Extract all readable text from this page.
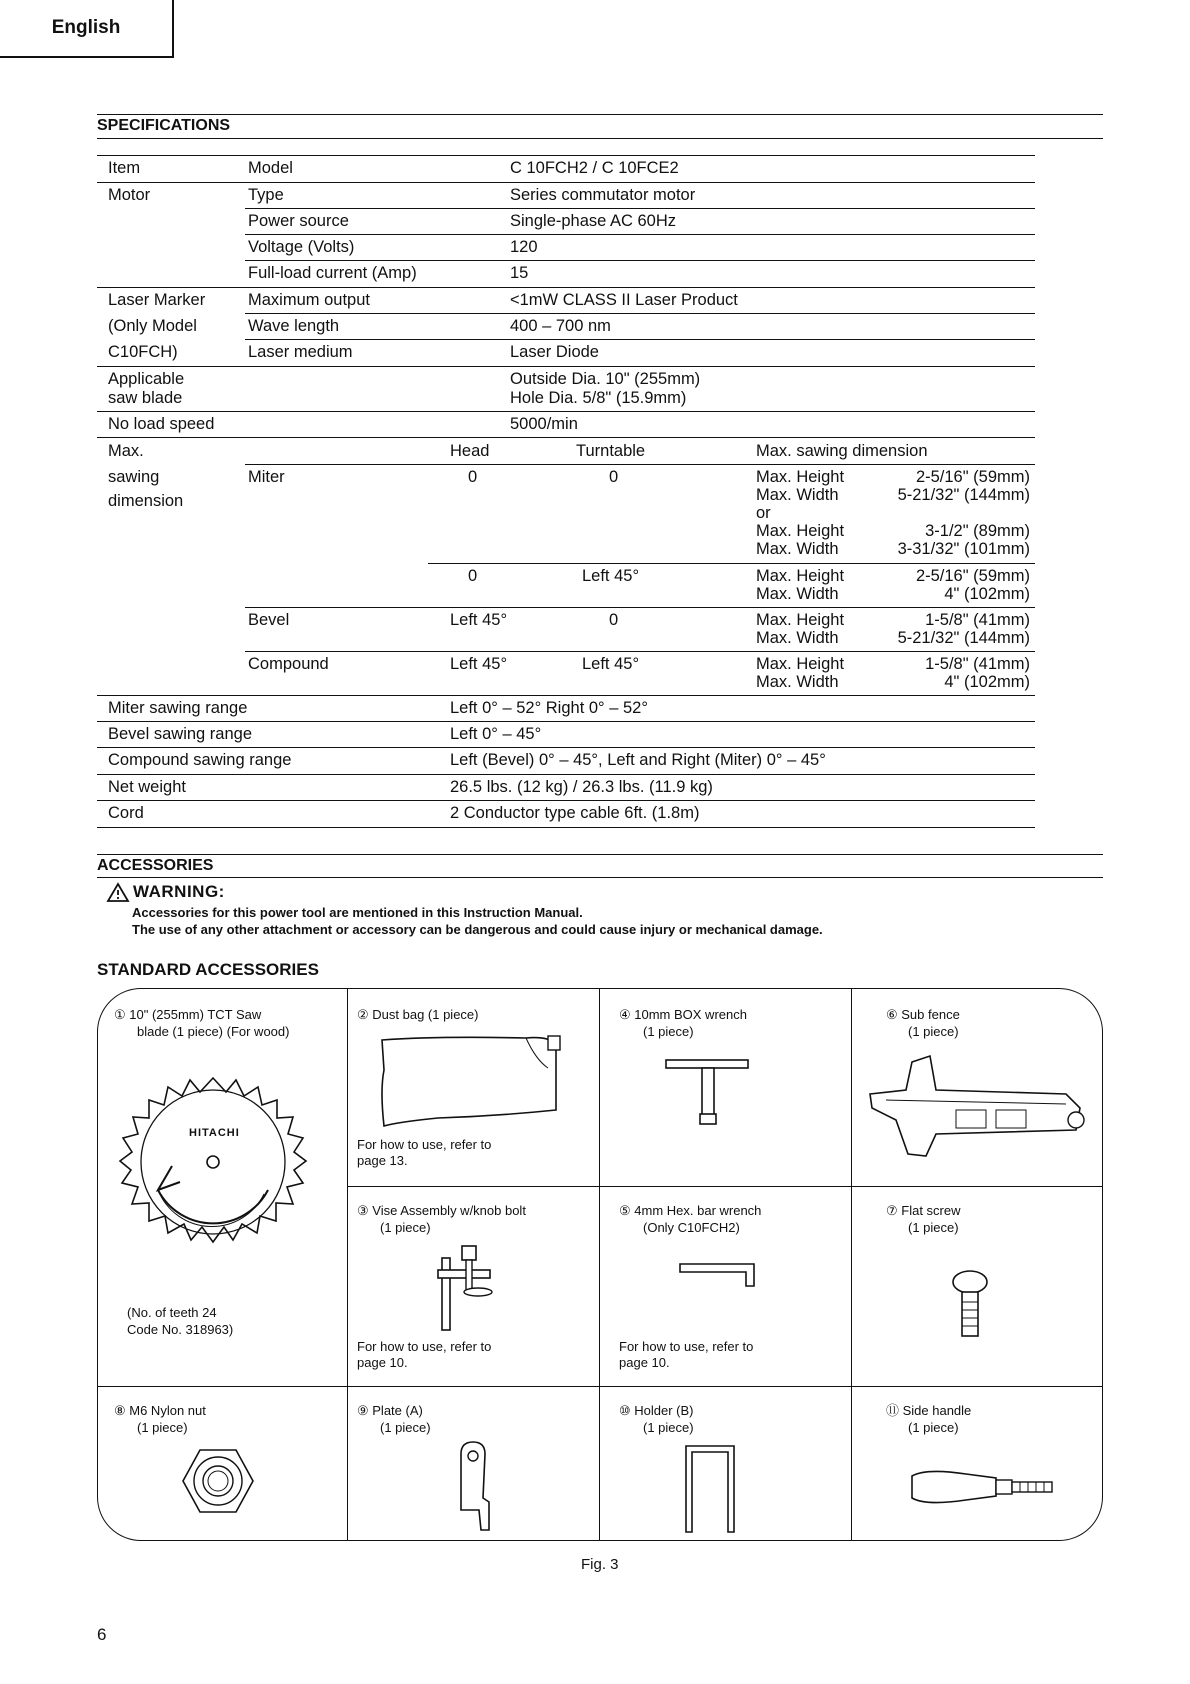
English
SPECIFICATIONS
Item	Model	C 10FCH2 / C 10FCE2
Motor	Type	Series commutator motor
Power source	Single-phase AC 60Hz
Voltage (Volts)	120
Full-load current (Amp)	15
Laser Marker
(Only Model
C10FCH)
Maximum output	<1mW CLASS II Laser Product
Wave length	400 – 700 nm
Laser medium	Laser Diode
Applicable
saw blade
Outside Dia. 10" (255mm)
Hole Dia. 5/8" (15.9mm)
No load speed	5000/min
Max.
sawing
dimension
Head	Turntable	Max. sawing dimension
Miter	0	0	Max. Height	2-5/16" (59mm)
Max. Width	5-21/32" (144mm)
or
Max. Height	3-1/2" (89mm)
Max. Width	3-31/32" (101mm)
0	Left 45°	Max. Height	2-5/16" (59mm)
Max. Width	4" (102mm)
Bevel	Left 45°	0	Max. Height	1-5/8" (41mm)
Max. Width	5-21/32" (144mm)
Compound	Left 45°	Left 45°	Max. Height	1-5/8" (41mm)
Max. Width	4" (102mm)
Miter sawing range	Left 0° – 52° Right 0° – 52°
Bevel sawing range	Left 0° – 45°
Compound sawing range	Left (Bevel) 0° – 45°, Left and Right (Miter) 0° – 45°
Net weight	26.5 lbs. (12 kg) / 26.3 lbs. (11.9 kg)
Cord	2 Conductor type cable 6ft. (1.8m)
ACCESSORIES
WARNING:
Accessories for this power tool are mentioned in this Instruction Manual.
The use of any other attachment or accessory can be dangerous and could cause injury or mechanical damage.
STANDARD ACCESSORIES
① 10" (255mm) TCT Saw
blade (1 piece) (For wood)
HITACHI
(No. of teeth 24
Code No. 318963)
② Dust bag (1 piece)
For how to use, refer to
page 13.
④ 10mm BOX wrench
(1 piece)
⑥ Sub fence
(1 piece)
③ Vise Assembly w/knob bolt
(1 piece)
For how to use, refer to
page 10.
⑤ 4mm Hex. bar wrench
(Only C10FCH2)
For how to use, refer to
page 10.
⑦ Flat screw
(1 piece)
⑧ M6 Nylon nut
(1 piece)
⑨ Plate (A)
(1 piece)
⑩ Holder (B)
(1 piece)
⑪ Side handle
(1 piece)
Fig. 3
6
